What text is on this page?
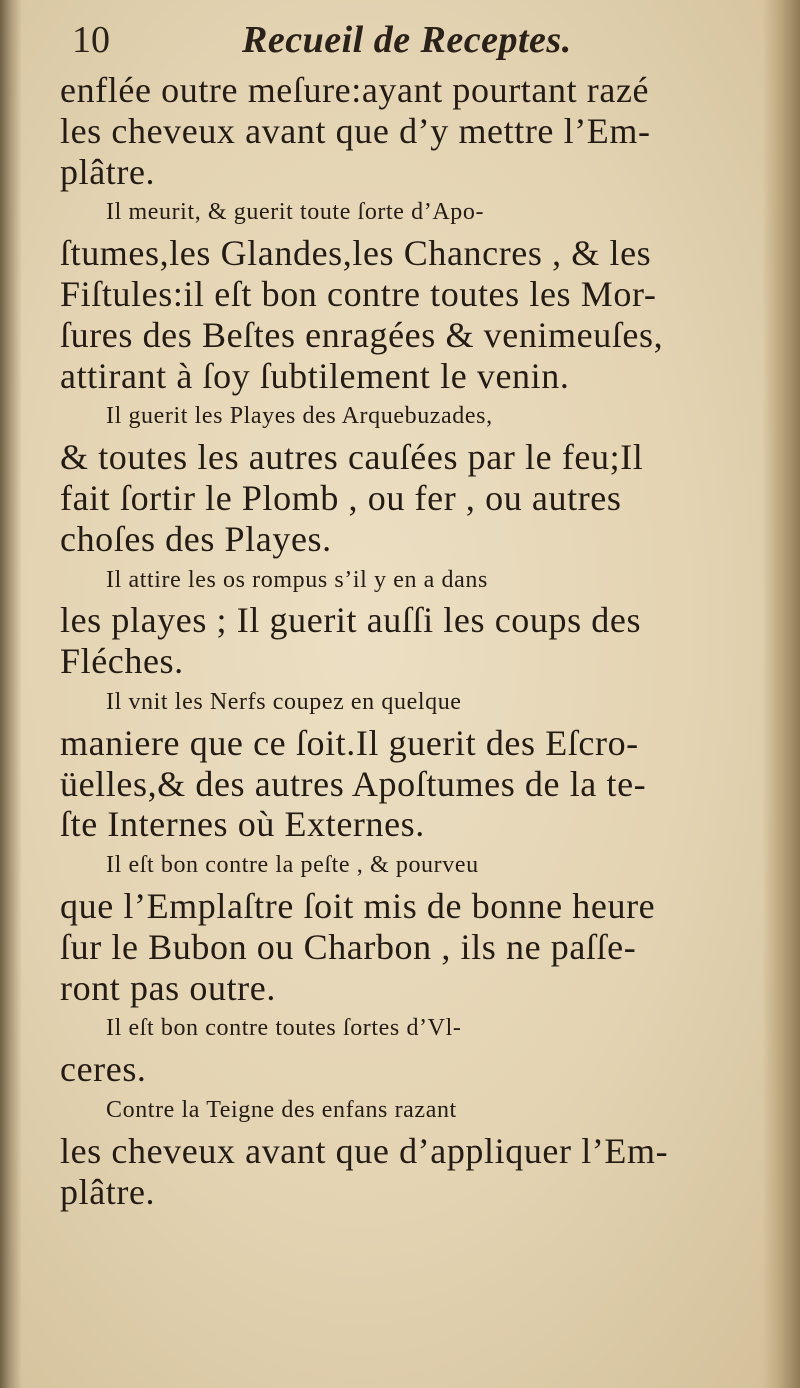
10	Recueil de Receptes.
enflée outre meſure:ayant pourtant razé
les cheveux avant que d’y mettre l’Em-
plâtre.
Il meurit, & guerit toute ſorte d’Apo-
ſtumes,les Glandes,les Chancres , & les
Fiſtules:il eſt bon contre toutes les Mor-
ſures des Beſtes enragées & venimeuſes,
attirant à ſoy ſubtilement le venin.
Il guerit les Playes des Arquebuzades,
& toutes les autres cauſées par le feu;Il
fait ſortir le Plomb , ou fer , ou autres
choſes des Playes.
Il attire les os rompus s’il y en a dans
les playes ; Il guerit auſſi les coups des
Fléches.
Il vnit les Nerfs coupez en quelque
maniere que ce ſoit.Il guerit des Eſcro-
üelles,& des autres Apoſtumes de la te-
ſte Internes où Externes.
Il eſt bon contre la peſte , & pourveu
que l’Emplaſtre ſoit mis de bonne heure
ſur le Bubon ou Charbon , ils ne paſſe-
ront pas outre.
Il eſt bon contre toutes ſortes d’Vl-
ceres.
Contre la Teigne des enfans razant
les cheveux avant que d’appliquer l’Em-
plâtre.
